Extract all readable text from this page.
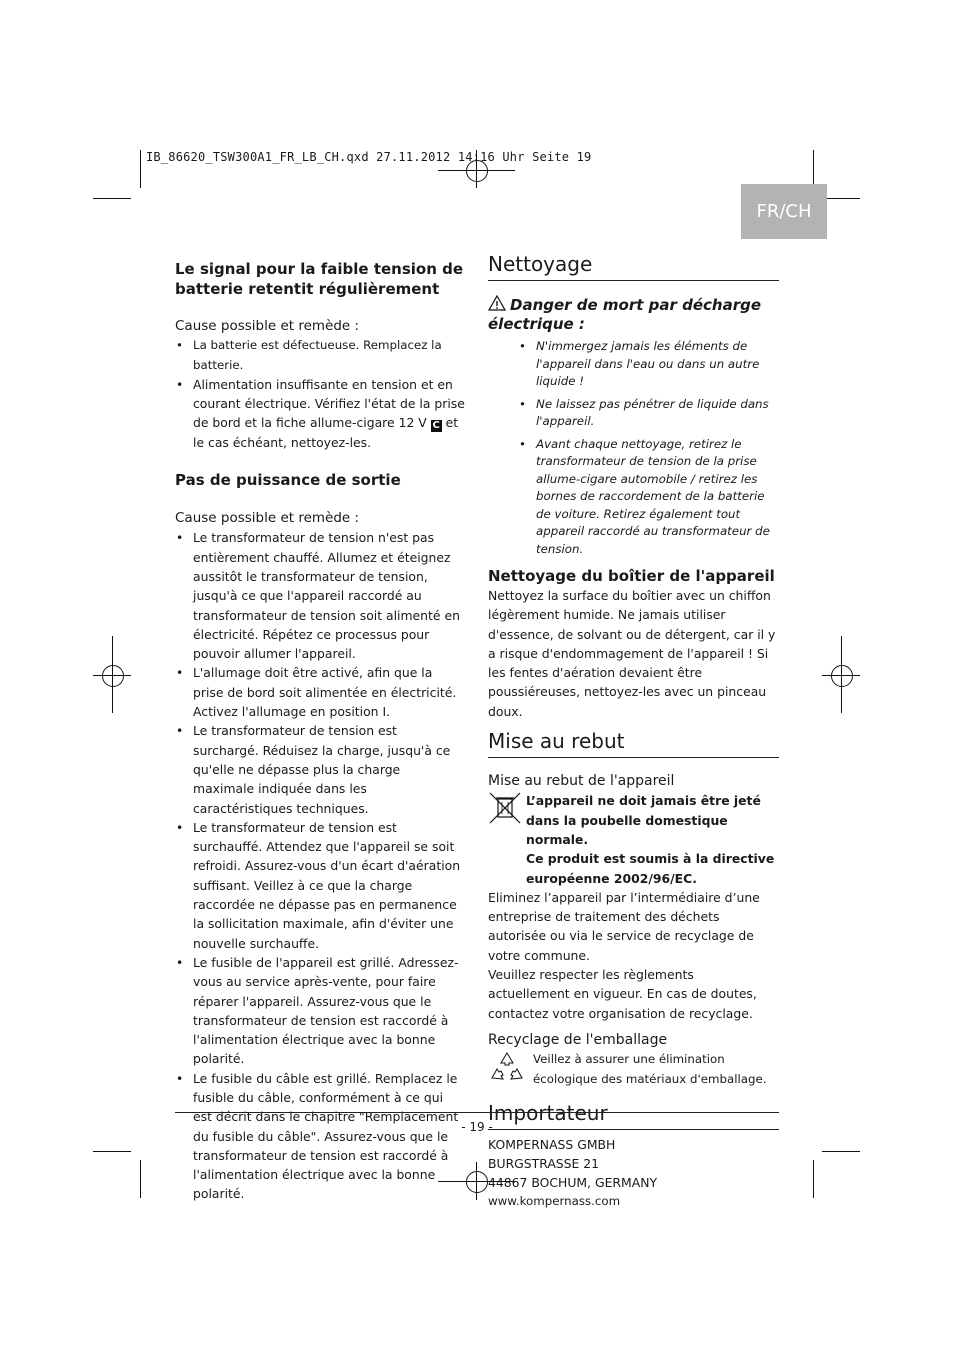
IB_86620_TSW300A1_FR_LB_CH.qxd 27.11.2012 14:16 Uhr Seite 19
FR/CH
Le signal pour la faible tension de batterie retentit régulièrement

Cause possible et remède :

• La batterie est défectueuse. Remplacez la batterie.
• Alimentation insuffisante en tension et en courant électrique. Vérifiez l'état de la prise de bord et la fiche allume-cigare 12 V C et le cas échéant, nettoyez-les.
Pas de puissance de sortie

Cause possible et remède :

• Le transformateur de tension n'est pas entièrement chauffé. Allumez et éteignez aussitôt le transformateur de tension, jusqu'à ce que l'appareil raccordé au transformateur de tension soit alimenté en électricité. Répétez ce processus pour pouvoir allumer l'appareil.
• L'allumage doit être activé, afin que la prise de bord soit alimentée en électricité. Activez l'allumage en position I.
• Le transformateur de tension est surchargé. Réduisez la charge, jusqu'à ce qu'elle ne dépasse plus la charge maximale indiquée dans les caractéristiques techniques.
• Le transformateur de tension est surchauffé. Attendez que l'appareil se soit refroidi. Assurez-vous d'un écart d'aération suffisant. Veillez à ce que la charge raccordée ne dépasse pas en permanence la sollicitation maximale, afin d'éviter une nouvelle surchauffe.
• Le fusible de l'appareil est grillé. Adressez-vous au service après-vente, pour faire réparer l'appareil. Assurez-vous que le transformateur de tension est raccordé à l'alimentation électrique avec la bonne polarité.
• Le fusible du câble est grillé. Remplacez le fusible du câble, conformément à ce qui est décrit dans le chapitre "Remplacement du fusible du câble". Assurez-vous que le transformateur de tension est raccordé à l'alimentation électrique avec la bonne polarité.
Nettoyage
Danger de mort par décharge électrique :
• N'immergez jamais les éléments de l'appareil dans l'eau ou dans un autre liquide !
• Ne laissez pas pénétrer de liquide dans l'appareil.
• Avant chaque nettoyage, retirez le transformateur de tension de la prise allume-cigare automobile / retirez les bornes de raccordement de la batterie de voiture. Retirez également tout appareil raccordé au transformateur de tension.
Nettoyage du boîtier de l'appareil

Nettoyez la surface du boîtier avec un chiffon légèrement humide. Ne jamais utiliser d'essence, de solvant ou de détergent, car il y a risque d'endommagement de l'appareil ! Si les fentes d'aération devaient être poussiéreuses, nettoyez-les avec un pinceau doux.

Mise au rebut

Mise au rebut de l'appareil

L’appareil ne doit jamais être jeté dans la poubelle domestique normale.

Ce produit est soumis à la directive européenne 2002/96/EC.

Eliminez l’appareil par l’intermédiaire d’une entreprise de traitement des déchets autorisée ou via le service de recyclage de votre commune.

Veuillez respecter les règlements actuellement en vigueur. En cas de doutes, contactez votre organisation de recyclage.

Recyclage de l'emballage

Veillez à assurer une élimination écologique des matériaux d'emballage.

Importateur

KOMPERNASS GMBH

BURGSTRASSE 21

44867 BOCHUM, GERMANY

www.kompernass.com

- 19 -
